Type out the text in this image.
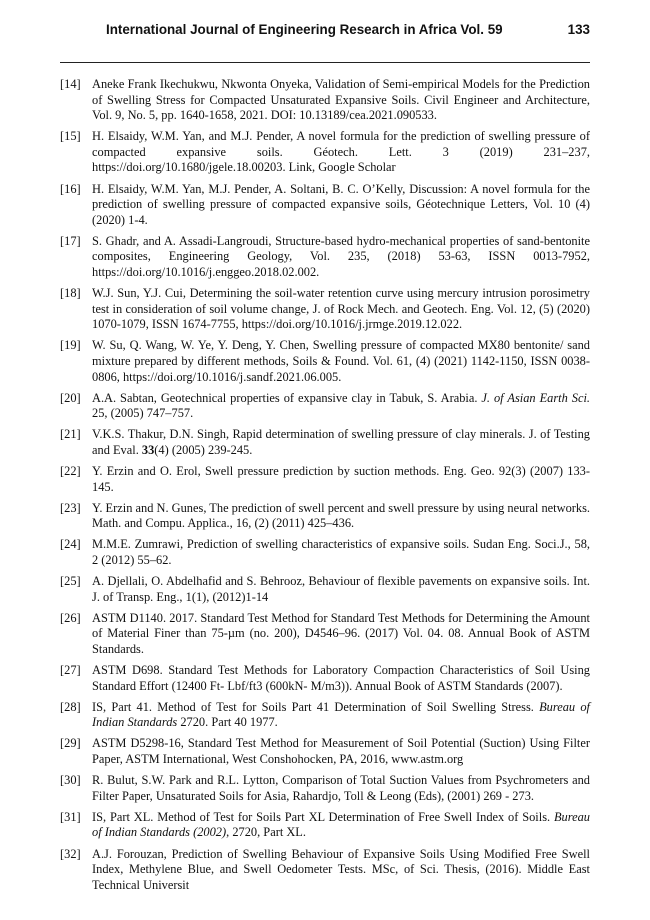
International Journal of Engineering Research in Africa Vol. 59	133
[14] Aneke Frank Ikechukwu, Nkwonta Onyeka, Validation of Semi-empirical Models for the Prediction of Swelling Stress for Compacted Unsaturated Expansive Soils. Civil Engineer and Architecture, Vol. 9, No. 5, pp. 1640-1658, 2021. DOI: 10.13189/cea.2021.090533.
[15] H. Elsaidy, W.M. Yan, and M.J. Pender, A novel formula for the prediction of swelling pressure of compacted expansive soils. Géotech. Lett. 3 (2019) 231–237, https://doi.org/10.1680/jgele.18.00203. Link, Google Scholar
[16] H. Elsaidy, W.M. Yan, M.J. Pender, A. Soltani, B. C. O’Kelly, Discussion: A novel formula for the prediction of swelling pressure of compacted expansive soils, Géotechnique Letters, Vol. 10 (4) (2020) 1-4.
[17] S. Ghadr, and A. Assadi-Langroudi, Structure-based hydro-mechanical properties of sand-bentonite composites, Engineering Geology, Vol. 235, (2018) 53-63, ISSN 0013-7952, https://doi.org/10.1016/j.enggeo.2018.02.002.
[18] W.J. Sun, Y.J. Cui, Determining the soil-water retention curve using mercury intrusion porosimetry test in consideration of soil volume change, J. of Rock Mech. and Geotech. Eng. Vol. 12, (5) (2020) 1070-1079, ISSN 1674-7755, https://doi.org/10.1016/j.jrmge.2019.12.022.
[19] W. Su, Q. Wang, W. Ye, Y. Deng, Y. Chen, Swelling pressure of compacted MX80 bentonite/ sand mixture prepared by different methods, Soils & Found. Vol. 61, (4) (2021) 1142-1150, ISSN 0038-0806, https://doi.org/10.1016/j.sandf.2021.06.005.
[20] A.A. Sabtan, Geotechnical properties of expansive clay in Tabuk, S. Arabia. J. of Asian Earth Sci. 25, (2005) 747–757.
[21] V.K.S. Thakur, D.N. Singh, Rapid determination of swelling pressure of clay minerals. J. of Testing and Eval. 33(4) (2005) 239-245.
[22] Y. Erzin and O. Erol, Swell pressure prediction by suction methods. Eng. Geo. 92(3) (2007) 133-145.
[23] Y. Erzin and N. Gunes, The prediction of swell percent and swell pressure by using neural networks. Math. and Compu. Applica., 16, (2) (2011) 425–436.
[24] M.M.E. Zumrawi, Prediction of swelling characteristics of expansive soils. Sudan Eng. Soci.J., 58, 2 (2012) 55–62.
[25] A. Djellali, O. Abdelhafid and S. Behrooz, Behaviour of flexible pavements on expansive soils. Int. J. of Transp. Eng., 1(1), (2012)1-14
[26] ASTM D1140. 2017. Standard Test Method for Standard Test Methods for Determining the Amount of Material Finer than 75-µm (no. 200), D4546–96. (2017) Vol. 04. 08. Annual Book of ASTM Standards.
[27] ASTM D698. Standard Test Methods for Laboratory Compaction Characteristics of Soil Using Standard Effort (12400 Ft- Lbf/ft3 (600kN- M/m3)). Annual Book of ASTM Standards (2007).
[28] IS, Part 41. Method of Test for Soils Part 41 Determination of Soil Swelling Stress. Bureau of Indian Standards 2720. Part 40 1977.
[29] ASTM D5298-16, Standard Test Method for Measurement of Soil Potential (Suction) Using Filter Paper, ASTM International, West Conshohocken, PA, 2016, www.astm.org
[30] R. Bulut, S.W. Park and R.L. Lytton, Comparison of Total Suction Values from Psychrometers and Filter Paper, Unsaturated Soils for Asia, Rahardjo, Toll & Leong (Eds), (2001) 269 - 273.
[31] IS, Part XL. Method of Test for Soils Part XL Determination of Free Swell Index of Soils. Bureau of Indian Standards (2002), 2720, Part XL.
[32] A.J. Forouzan, Prediction of Swelling Behaviour of Expansive Soils Using Modified Free Swell Index, Methylene Blue, and Swell Oedometer Tests. MSc, of Sci. Thesis, (2016). Middle East Technical Universit
